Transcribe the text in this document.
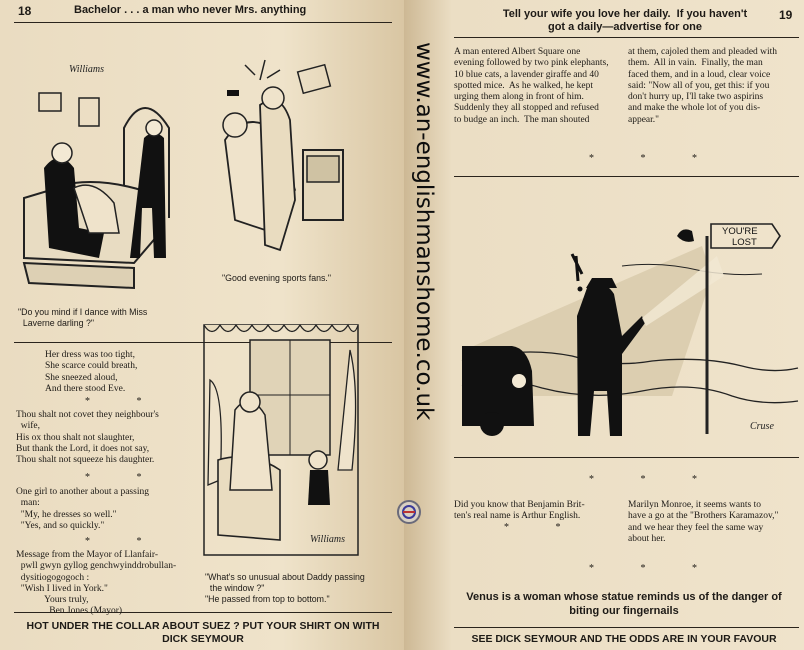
18	Bachelor . . . a man who never Mrs. anything
Williams
"Do you mind if I dance with Miss
Laverne darling ?"
"Good evening sports fans."
Her dress was too tight,
She scarce could breath,
She sneezed aloud,
And there stood Eve.
* *
Thou shalt not covet they neighbour's
wife,
His ox thou shalt not slaughter,
But thank the Lord, it does not say,
Thou shalt not squeeze his daughter.
* *
One girl to another about a passing
man:
"My, he dresses so well."
"Yes, and so quickly."
* *
Message from the Mayor of Llanfair-
pwll gwyn gyllog genchwyinddrobullan-
dysitiogogogoch :
"Wish I lived in York."
Yours truly,

Williams
"What's so unusual about Daddy passing
the window ?"
"He passed from top to bottom."
HOT UNDER THE COLLAR ABOUT SUEZ ? PUT YOUR SHIRT ON WITH DICK SEYMOUR
Tell your wife you love her daily.  If you haven't
got a daily—advertise for one
19
A man entered Albert Square one
evening followed by two pink elephants,
10 blue cats, a lavender giraffe and 40
spotted mice.  As he walked, he kept
urging them along in front of him.
Suddenly they all stopped and refused
to budge an inch.  The man shouted
at them, cajoled them and pleaded with
them.  All in vain.  Finally, the man
faced them, and in a loud, clear voice
said: "Now all of you, get this: if you
don't hurry up, I'll take two aspirins
and make the whole lot of you dis-
appear."
* * *
YOU'RE LOST
Cruse
* * *
Did you know that Benjamin Brit-
ten's real name is Arthur English.
* *
Marilyn Monroe, it seems wants to
have a go at the "Brothers Karamazov,"
and we hear they feel the same way
about her.
* * *
Venus is a woman whose statue reminds us of the danger of
biting our fingernails
SEE DICK SEYMOUR AND THE ODDS ARE IN YOUR FAVOUR
www.an-englishmanshome.co.uk
